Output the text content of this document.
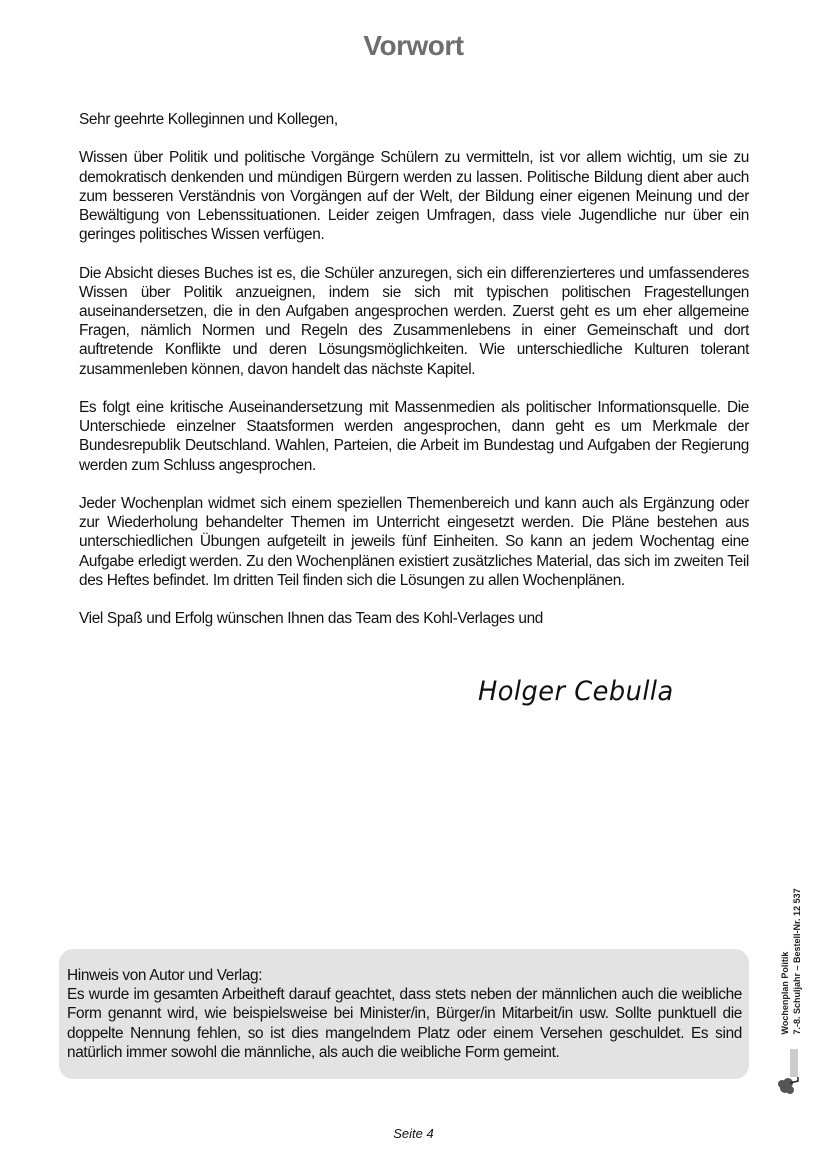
Vorwort

Sehr geehrte Kolleginnen und Kollegen,

Wissen über Politik und politische Vorgänge Schülern zu vermitteln, ist vor allem wichtig, um sie zu demokratisch denkenden und mündigen Bürgern werden zu lassen. Politische Bildung dient aber auch zum besseren Verständnis von Vorgängen auf der Welt, der Bildung einer eigenen Meinung und der Bewältigung von Lebenssituationen. Leider zeigen Umfragen, dass viele Jugendliche nur über ein geringes politisches Wissen verfügen.

Die Absicht dieses Buches ist es, die Schüler anzuregen, sich ein differenzierteres und umfassenderes Wissen über Politik anzueignen, indem sie sich mit typischen politischen Fragestellungen auseinandersetzen, die in den Aufgaben angesprochen werden. Zuerst geht es um eher allgemeine Fragen, nämlich Normen und Regeln des Zusammenlebens in einer Gemeinschaft und dort auftretende Konflikte und deren Lösungsmöglichkeiten. Wie unterschiedliche Kulturen tolerant zusammenleben können, davon handelt das nächste Kapitel.

Es folgt eine kritische Auseinandersetzung mit Massenmedien als politischer Informationsquelle. Die Unterschiede einzelner Staatsformen werden angesprochen, dann geht es um Merkmale der Bundesrepublik Deutschland. Wahlen, Parteien, die Arbeit im Bundestag und Aufgaben der Regierung werden zum Schluss angesprochen.

Jeder Wochenplan widmet sich einem speziellen Themenbereich und kann auch als Ergänzung oder zur Wiederholung behandelter Themen im Unterricht eingesetzt werden. Die Pläne bestehen aus unterschiedlichen Übungen aufgeteilt in jeweils fünf Einheiten. So kann an jedem Wochentag eine Aufgabe erledigt werden. Zu den Wochenplänen existiert zusätzliches Material, das sich im zweiten Teil des Heftes befindet. Im dritten Teil finden sich die Lösungen zu allen Wochenplänen.

Viel Spaß und Erfolg wünschen Ihnen das Team des Kohl-Verlages und

Holger Cebulla

Hinweis von Autor und Verlag:

Es wurde im gesamten Arbeitheft darauf geachtet, dass stets neben der männlichen auch die weibliche Form genannt wird, wie beispielsweise bei Minister/in, Bürger/in Mitarbeit/in usw. Sollte punktuell die doppelte Nennung fehlen, so ist dies mangelndem Platz oder einem Versehen geschuldet. Es sind natürlich immer sowohl die männliche, als auch die weibliche Form gemeint.

Wochenplan Politik 7.-8. Schuljahr – Bestell-Nr. 12 537
Seite 4
